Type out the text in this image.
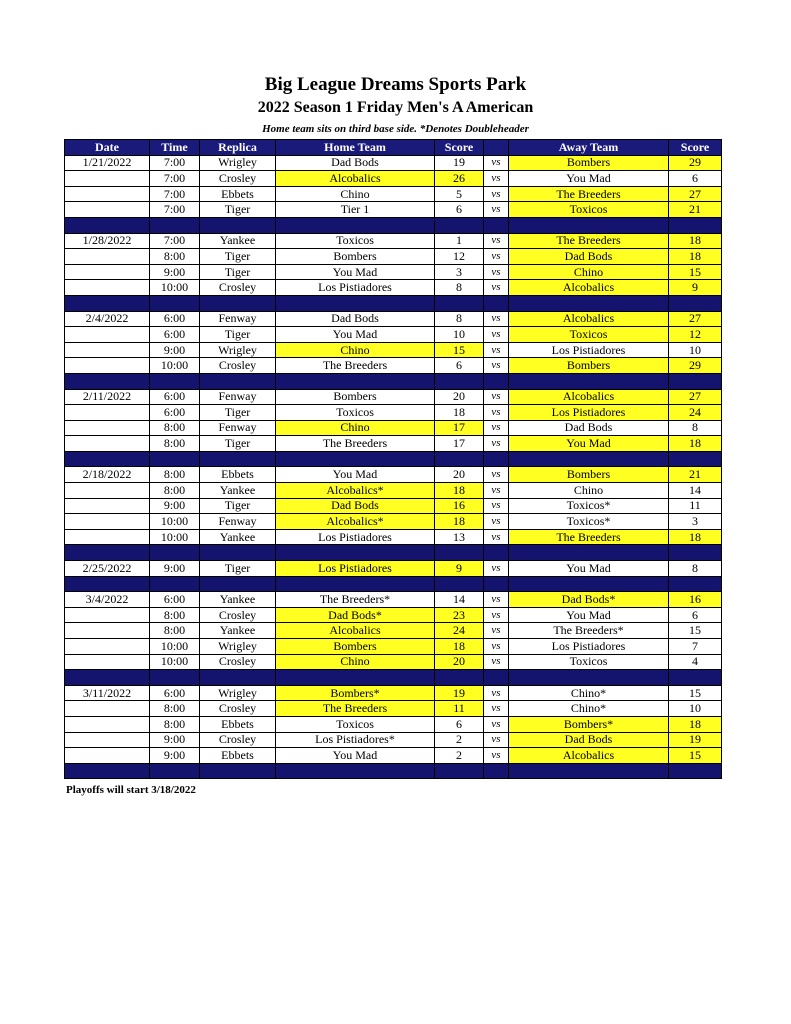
Big League Dreams Sports Park
2022 Season 1 Friday Men's A American
Home team sits on third base side. *Denotes Doubleheader
Date	Time	Replica	Home Team	Score		Away Team	Score
1/21/2022	7:00	Wrigley	Dad Bods	19	vs	Bombers	29
	7:00	Crosley	Alcobalics	26	vs	You Mad	6
	7:00	Ebbets	Chino	5	vs	The Breeders	27
	7:00	Tiger	Tier 1	6	vs	Toxicos	21

1/28/2022	7:00	Yankee	Toxicos	1	vs	The Breeders	18
	8:00	Tiger	Bombers	12	vs	Dad Bods	18
	9:00	Tiger	You Mad	3	vs	Chino	15
	10:00	Crosley	Los Pistiadores	8	vs	Alcobalics	9

2/4/2022	6:00	Fenway	Dad Bods	8	vs	Alcobalics	27
	6:00	Tiger	You Mad	10	vs	Toxicos	12
	9:00	Wrigley	Chino	15	vs	Los Pistiadores	10
	10:00	Crosley	The Breeders	6	vs	Bombers	29

2/11/2022	6:00	Fenway	Bombers	20	vs	Alcobalics	27
	6:00	Tiger	Toxicos	18	vs	Los Pistiadores	24
	8:00	Fenway	Chino	17	vs	Dad Bods	8
	8:00	Tiger	The Breeders	17	vs	You Mad	18

2/18/2022	8:00	Ebbets	You Mad	20	vs	Bombers	21
	8:00	Yankee	Alcobalics*	18	vs	Chino	14
	9:00	Tiger	Dad Bods	16	vs	Toxicos*	11
	10:00	Fenway	Alcobalics*	18	vs	Toxicos*	3
	10:00	Yankee	Los Pistiadores	13	vs	The Breeders	18

2/25/2022	9:00	Tiger	Los Pistiadores	9	vs	You Mad	8

3/4/2022	6:00	Yankee	The Breeders*	14	vs	Dad Bods*	16
	8:00	Crosley	Dad Bods*	23	vs	You Mad	6
	8:00	Yankee	Alcobalics	24	vs	The Breeders*	15
	10:00	Wrigley	Bombers	18	vs	Los Pistiadores	7
	10:00	Crosley	Chino	20	vs	Toxicos	4

3/11/2022	6:00	Wrigley	Bombers*	19	vs	Chino*	15
	8:00	Crosley	The Breeders	11	vs	Chino*	10
	8:00	Ebbets	Toxicos	6	vs	Bombers*	18
	9:00	Crosley	Los Pistiadores*	2	vs	Dad Bods	19
	9:00	Ebbets	You Mad	2	vs	Alcobalics	15

Playoffs will start 3/18/2022
